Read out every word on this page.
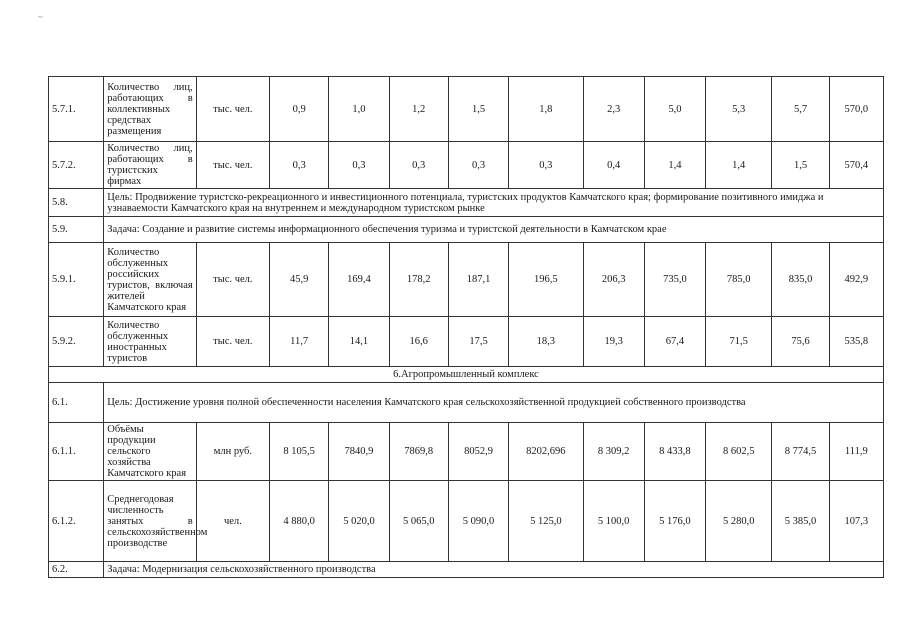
~
5.7.1.	Количество лиц, работающих в коллективных средствах размещения	тыс. чел.	0,9	1,0	1,2	1,5	1,8	2,3	5,0	5,3	5,7	570,0
5.7.2.	Количество лиц, работающих в туристских фирмах	тыс. чел.	0,3	0,3	0,3	0,3	0,3	0,4	1,4	1,4	1,5	570,4
5.8.	Цель: Продвижение туристско-рекреационного и инвестиционного потенциала, туристских продуктов Камчатского края; формирование позитивного имиджа и узнаваемости Камчатского края на внутреннем и международном туристском рынке											
5.9.	Задача: Создание и развитие системы информационного обеспечения туризма и туристской деятельности в Камчатском крае											
5.9.1.	Количество обслуженных российских туристов, включая жителей Камчатского края	тыс. чел.	45,9	169,4	178,2	187,1	196,5	206,3	735,0	785,0	835,0	492,9
5.9.2.	Количество обслуженных иностранных туристов	тыс. чел.	11,7	14,1	16,6	17,5	18,3	19,3	67,4	71,5	75,6	535,8
6.Агропромышленный комплекс												
6.1.	Цель: Достижение уровня полной обеспеченности населения Камчатского края сельскохозяйственной продукцией собственного производства											
6.1.1.	Объёмы продукции сельского хозяйства Камчатского края	млн руб.	8 105,5	7840,9	7869,8	8052,9	8202,696	8 309,2	8 433,8	8 602,5	8 774,5	111,9
6.1.2.	Среднегодовая численность занятых в сельскохозяйственном производстве	чел.	4 880,0	5 020,0	5 065,0	5 090,0	5 125,0	5 100,0	5 176,0	5 280,0	5 385,0	107,3
6.2.	Задача: Модернизация сельскохозяйственного производства											
